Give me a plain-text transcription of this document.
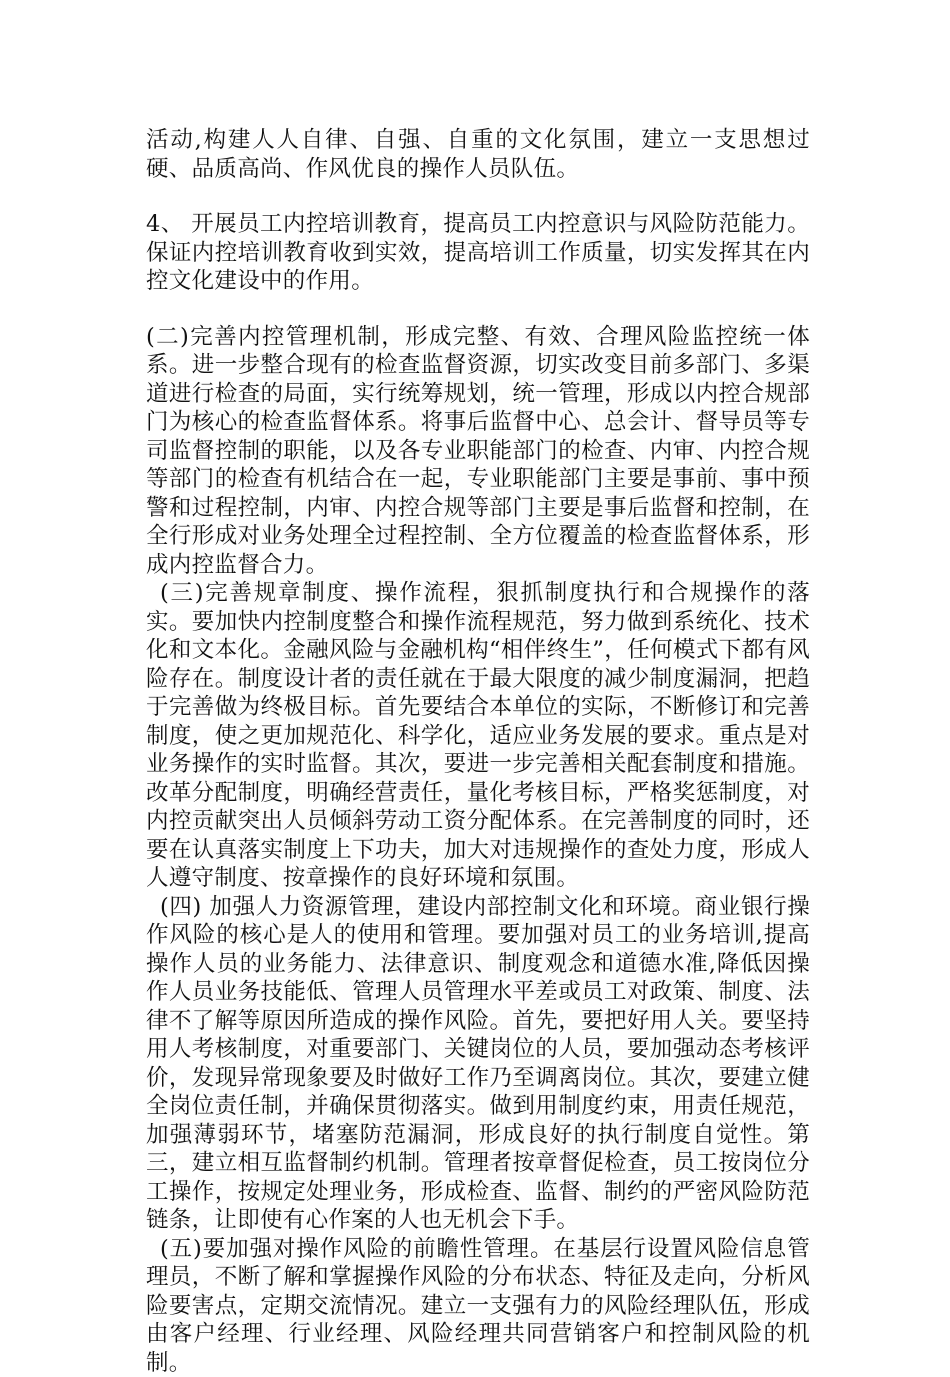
活动,构建人人自律、自强、自重的文化氛围，建立一支思想过硬、品质高尚、作风优良的操作人员队伍。

4、 开展员工内控培训教育，提高员工内控意识与风险防范能力。保证内控培训教育收到实效，提高培训工作质量，切实发挥其在内控文化建设中的作用。

(二)完善内控管理机制，形成完整、有效、合理风险监控统一体系。进一步整合现有的检查监督资源，切实改变目前多部门、多渠道进行检查的局面，实行统筹规划，统一管理，形成以内控合规部门为核心的检查监督体系。将事后监督中心、总会计、督导员等专司监督控制的职能，以及各专业职能部门的检查、内审、内控合规等部门的检查有机结合在一起，专业职能部门主要是事前、事中预警和过程控制，内审、内控合规等部门主要是事后监督和控制，在全行形成对业务处理全过程控制、全方位覆盖的检查监督体系，形成内控监督合力。

(三)完善规章制度、操作流程，狠抓制度执行和合规操作的落实。要加快内控制度整合和操作流程规范，努力做到系统化、技术化和文本化。金融风险与金融机构“相伴终生”，任何模式下都有风险存在。制度设计者的责任就在于最大限度的减少制度漏洞，把趋于完善做为终极目标。首先要结合本单位的实际，不断修订和完善制度，使之更加规范化、科学化，适应业务发展的要求。重点是对业务操作的实时监督。其次，要进一步完善相关配套制度和措施。改革分配制度，明确经营责任，量化考核目标，严格奖惩制度，对内控贡献突出人员倾斜劳动工资分配体系。在完善制度的同时，还要在认真落实制度上下功夫，加大对违规操作的查处力度，形成人人遵守制度、按章操作的良好环境和氛围。

(四) 加强人力资源管理，建设内部控制文化和环境。商业银行操作风险的核心是人的使用和管理。要加强对员工的业务培训,提高操作人员的业务能力、法律意识、制度观念和道德水准,降低因操作人员业务技能低、管理人员管理水平差或员工对政策、制度、法律不了解等原因所造成的操作风险。首先，要把好用人关。要坚持用人考核制度，对重要部门、关键岗位的人员，要加强动态考核评价，发现异常现象要及时做好工作乃至调离岗位。其次，要建立健全岗位责任制，并确保贯彻落实。做到用制度约束，用责任规范，加强薄弱环节，堵塞防范漏洞，形成良好的执行制度自觉性。第三，建立相互监督制约机制。管理者按章督促检查，员工按岗位分工操作，按规定处理业务，形成检查、监督、制约的严密风险防范链条，让即使有心作案的人也无机会下手。

(五)要加强对操作风险的前瞻性管理。在基层行设置风险信息管理员，不断了解和掌握操作风险的分布状态、特征及走向，分析风险要害点，定期交流情况。建立一支强有力的风险经理队伍，形成由客户经理、行业经理、风险经理共同营销客户和控制风险的机制。
